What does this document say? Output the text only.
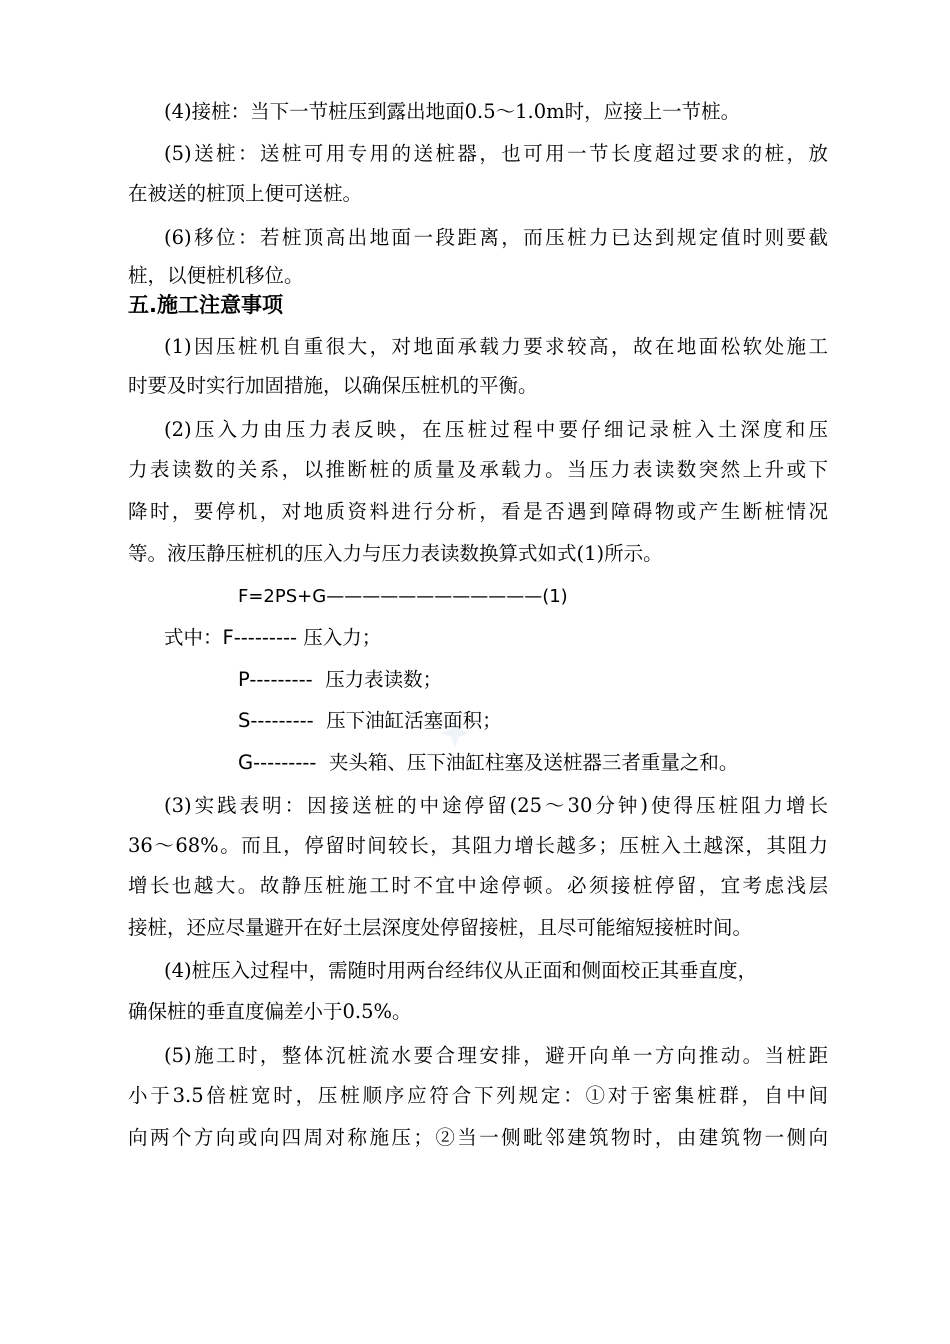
(4)接桩：当下一节桩压到露出地面0.5～1.0m时，应接上一节桩。
(5)送桩：送桩可用专用的送桩器，也可用一节长度超过要求的桩，放
在被送的桩顶上便可送桩。
(6)移位：若桩顶高出地面一段距离，而压桩力已达到规定值时则要截
桩，以便桩机移位。
五.施工注意事项
(1)因压桩机自重很大，对地面承载力要求较高，故在地面松软处施工
时要及时实行加固措施，以确保压桩机的平衡。
(2)压入力由压力表反映，在压桩过程中要仔细记录桩入土深度和压
力表读数的关系，以推断桩的质量及承载力。当压力表读数突然上升或下
降时，要停机，对地质资料进行分析，看是否遇到障碍物或产生断桩情况
等。液压静压桩机的压入力与压力表读数换算式如式(1)所示。
F=2PS+G————————————(1)
式中：F--------- 压入力；
P--------- 压力表读数；
S--------- 压下油缸活塞面积；
G--------- 夹头箱、压下油缸柱塞及送桩器三者重量之和。
(3)实践表明：因接送桩的中途停留(25～30分钟)使得压桩阻力增长
36～68%。而且，停留时间较长，其阻力增长越多；压桩入土越深，其阻力
增长也越大。故静压桩施工时不宜中途停顿。必须接桩停留，宜考虑浅层
接桩，还应尽量避开在好土层深度处停留接桩，且尽可能缩短接桩时间。
(4)桩压入过程中，需随时用两台经纬仪从正面和侧面校正其垂直度，
确保桩的垂直度偏差小于0.5%。
(5)施工时，整体沉桩流水要合理安排，避开向单一方向推动。当桩距
小于3.5倍桩宽时，压桩顺序应符合下列规定：①对于密集桩群，自中间
向两个方向或向四周对称施压；②当一侧毗邻建筑物时，由建筑物一侧向
